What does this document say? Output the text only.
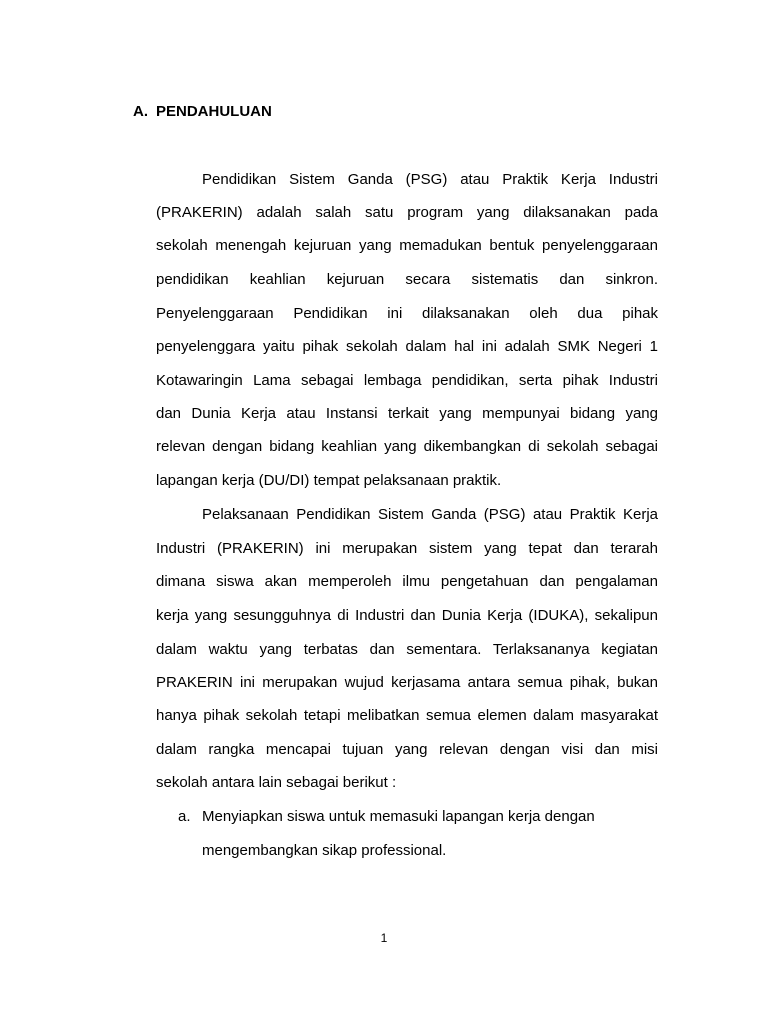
A. PENDAHULUAN
Pendidikan Sistem Ganda (PSG) atau Praktik Kerja Industri
(PRAKERIN) adalah salah satu program yang dilaksanakan pada
sekolah menengah kejuruan yang memadukan bentuk penyelenggaraan
pendidikan keahlian kejuruan secara sistematis dan sinkron.
Penyelenggaraan Pendidikan ini dilaksanakan oleh dua pihak
penyelenggara yaitu pihak sekolah dalam hal ini adalah SMK Negeri 1
Kotawaringin Lama sebagai lembaga pendidikan, serta pihak Industri
dan Dunia Kerja atau Instansi terkait yang mempunyai bidang yang
relevan dengan bidang keahlian yang dikembangkan di sekolah sebagai
lapangan kerja (DU/DI) tempat pelaksanaan praktik.
Pelaksanaan Pendidikan Sistem Ganda (PSG) atau Praktik Kerja
Industri (PRAKERIN) ini merupakan sistem yang tepat dan terarah
dimana siswa akan memperoleh ilmu pengetahuan dan pengalaman
kerja yang sesungguhnya di Industri dan Dunia Kerja (IDUKA), sekalipun
dalam waktu yang terbatas dan sementara. Terlaksananya kegiatan
PRAKERIN ini merupakan wujud kerjasama antara semua pihak, bukan
hanya pihak sekolah tetapi melibatkan semua elemen dalam masyarakat
dalam rangka mencapai tujuan yang relevan dengan visi dan misi
sekolah antara lain sebagai berikut :
a. Menyiapkan siswa untuk memasuki lapangan kerja dengan
mengembangkan sikap professional.
1
